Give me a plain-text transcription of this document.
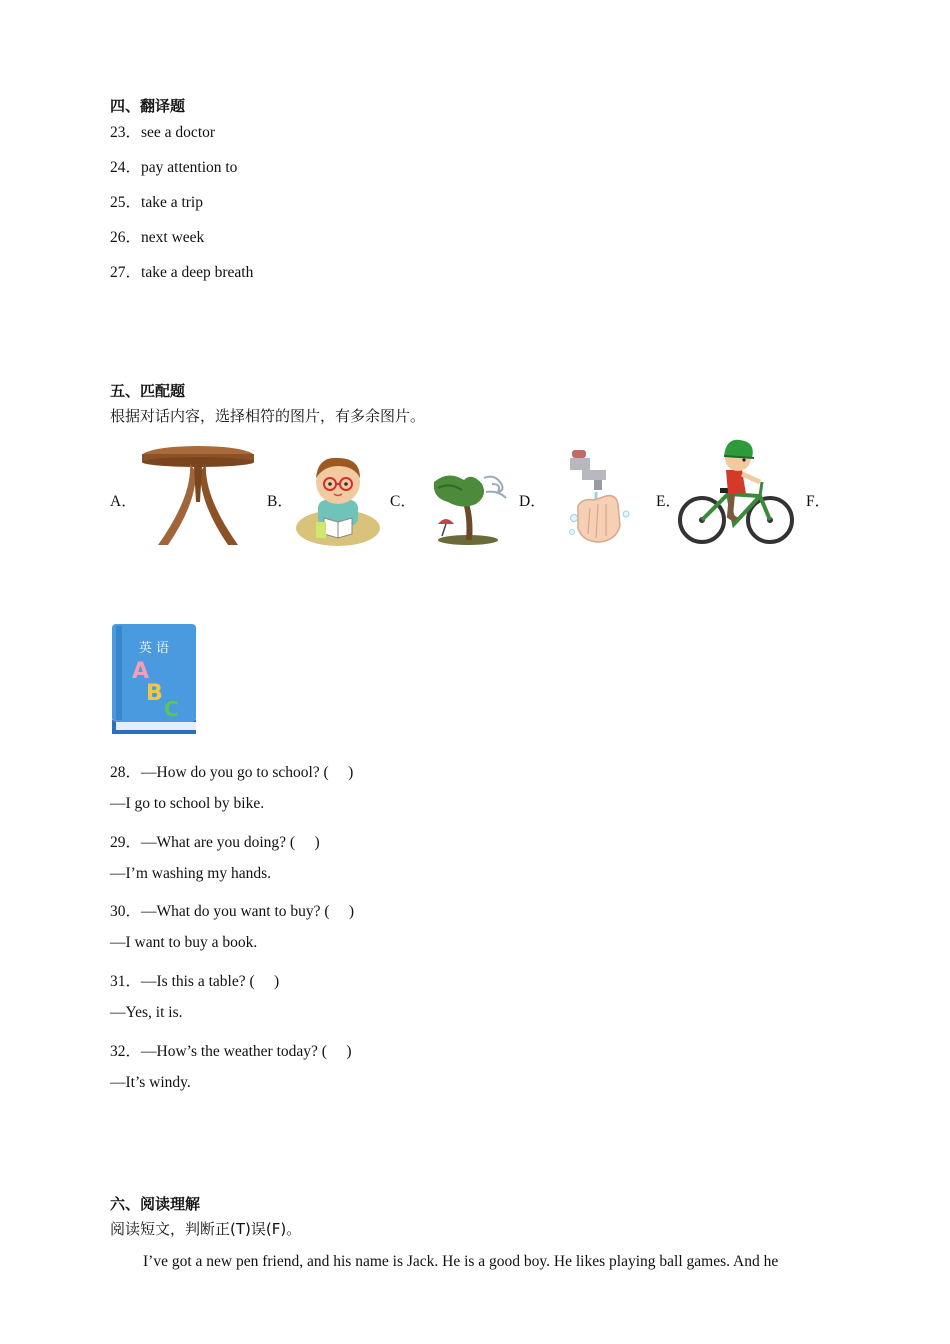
四、翻译题
23．see a doctor
24．pay attention to
25．take a trip
26．next week
27．take a deep breath
五、匹配题
根据对话内容，选择相符的图片，有多余图片。
A．	B．	C．	D．	E．	F．
英 语
A
B
C
28．—How do you go to school? (　 )
—I go to school by bike.
29．—What are you doing? (　 )
—I’m washing my hands.
30．—What do you want to buy? (　 )
—I want to buy a book.
31．—Is this a table? (　 )
—Yes, it is.
32．—How’s the weather today? (　 )
—It’s windy.
六、阅读理解
阅读短文，判断正(T)误(F)。
I’ve got a new pen friend, and his name is Jack. He is a good boy. He likes playing ball games. And he
